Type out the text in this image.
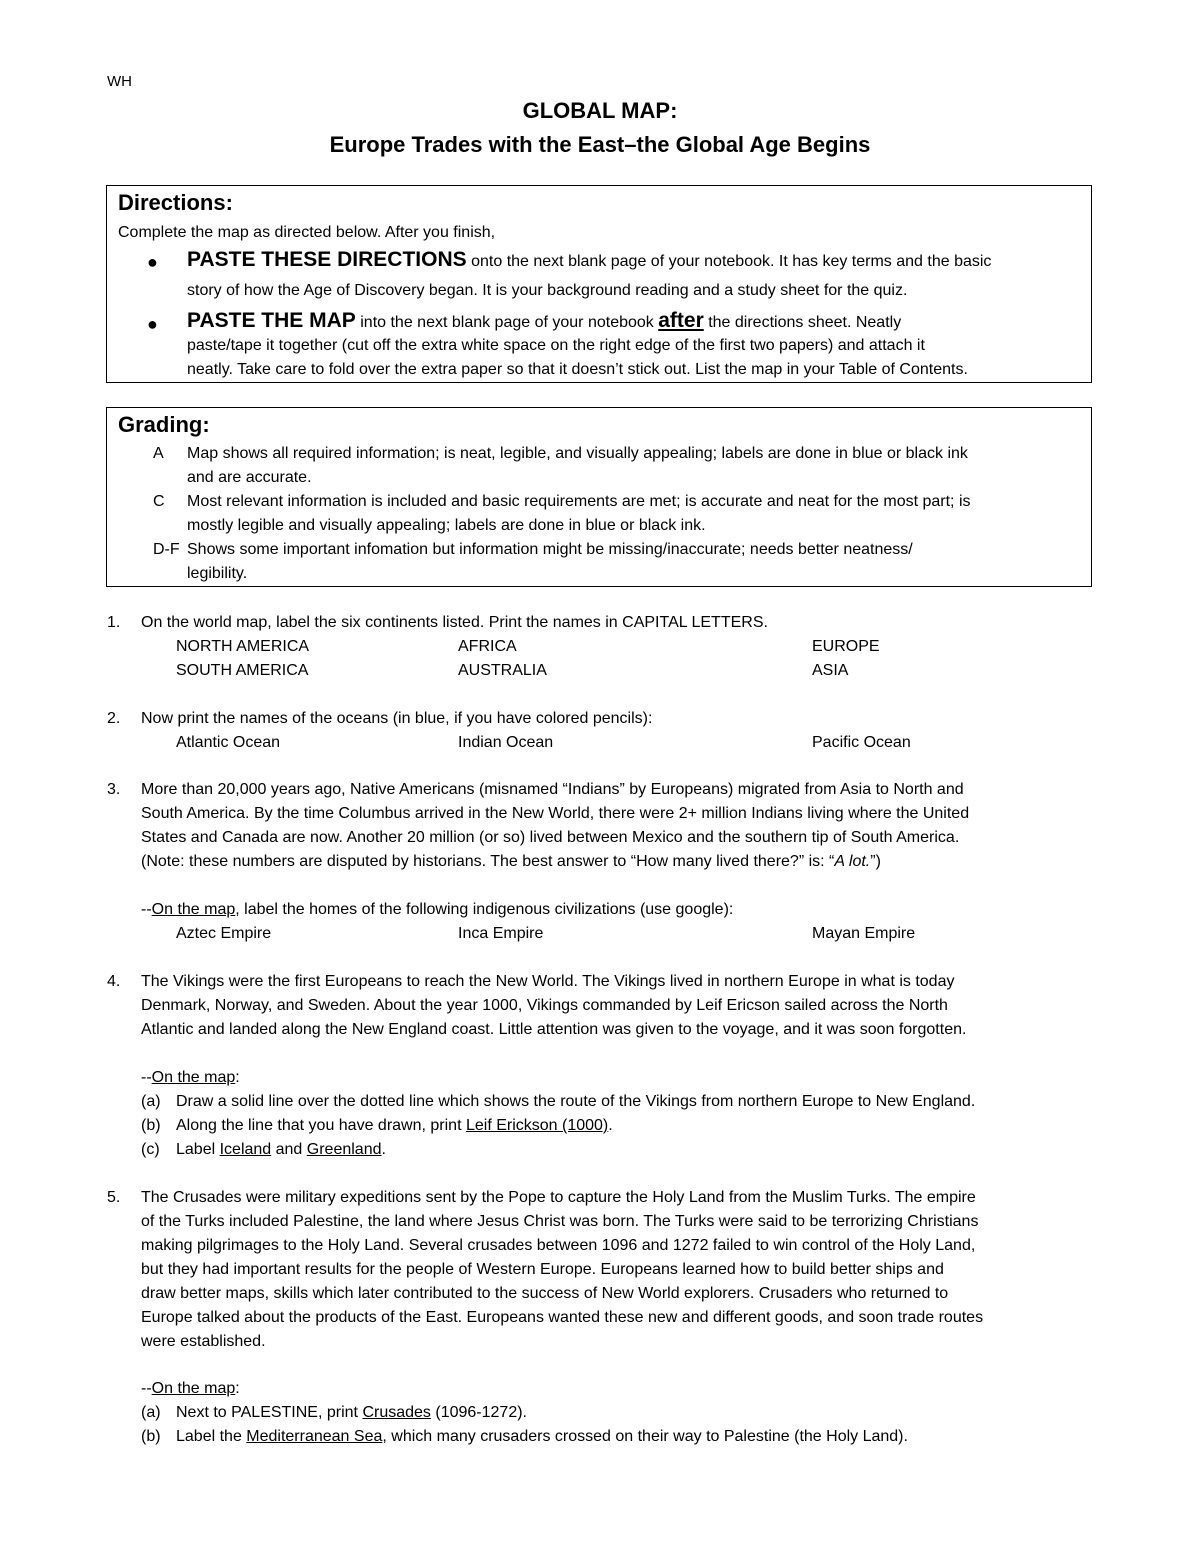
WH
GLOBAL MAP:
Europe Trades with the East–the Global Age Begins
Directions:
Complete the map as directed below. After you finish,
● PASTE THESE DIRECTIONS onto the next blank page of your notebook. It has key terms and the basic
story of how the Age of Discovery began. It is your background reading and a study sheet for the quiz.
● PASTE THE MAP into the next blank page of your notebook after the directions sheet. Neatly
paste/tape it together (cut off the extra white space on the right edge of the first two papers) and attach it
neatly. Take care to fold over the extra paper so that it doesn’t stick out. List the map in your Table of Contents.
Grading:
A Map shows all required information; is neat, legible, and visually appealing; labels are done in blue or black ink
and are accurate.
C Most relevant information is included and basic requirements are met; is accurate and neat for the most part; is
mostly legible and visually appealing; labels are done in blue or black ink.
D-F Shows some important infomation but information might be missing/inaccurate; needs better neatness/
legibility.
1. On the world map, label the six continents listed. Print the names in CAPITAL LETTERS.
NORTH AMERICA	AFRICA	EUROPE
SOUTH AMERICA	AUSTRALIA	ASIA
2. Now print the names of the oceans (in blue, if you have colored pencils):
Atlantic Ocean	Indian Ocean	Pacific Ocean
3. More than 20,000 years ago, Native Americans (misnamed “Indians” by Europeans) migrated from Asia to North and
South America. By the time Columbus arrived in the New World, there were 2+ million Indians living where the United
States and Canada are now. Another 20 million (or so) lived between Mexico and the southern tip of South America.
(Note: these numbers are disputed by historians. The best answer to “How many lived there?” is: “A lot.”)
--On the map, label the homes of the following indigenous civilizations (use google):
Aztec Empire	Inca Empire	Mayan Empire
4. The Vikings were the first Europeans to reach the New World. The Vikings lived in northern Europe in what is today
Denmark, Norway, and Sweden. About the year 1000, Vikings commanded by Leif Ericson sailed across the North
Atlantic and landed along the New England coast. Little attention was given to the voyage, and it was soon forgotten.
--On the map:
(a) Draw a solid line over the dotted line which shows the route of the Vikings from northern Europe to New England.
(b) Along the line that you have drawn, print Leif Erickson (1000).
(c) Label Iceland and Greenland.
5. The Crusades were military expeditions sent by the Pope to capture the Holy Land from the Muslim Turks. The empire
of the Turks included Palestine, the land where Jesus Christ was born. The Turks were said to be terrorizing Christians
making pilgrimages to the Holy Land. Several crusades between 1096 and 1272 failed to win control of the Holy Land,
but they had important results for the people of Western Europe. Europeans learned how to build better ships and
draw better maps, skills which later contributed to the success of New World explorers. Crusaders who returned to
Europe talked about the products of the East. Europeans wanted these new and different goods, and soon trade routes
were established.
--On the map:
(a) Next to PALESTINE, print Crusades (1096-1272).
(b) Label the Mediterranean Sea, which many crusaders crossed on their way to Palestine (the Holy Land).
